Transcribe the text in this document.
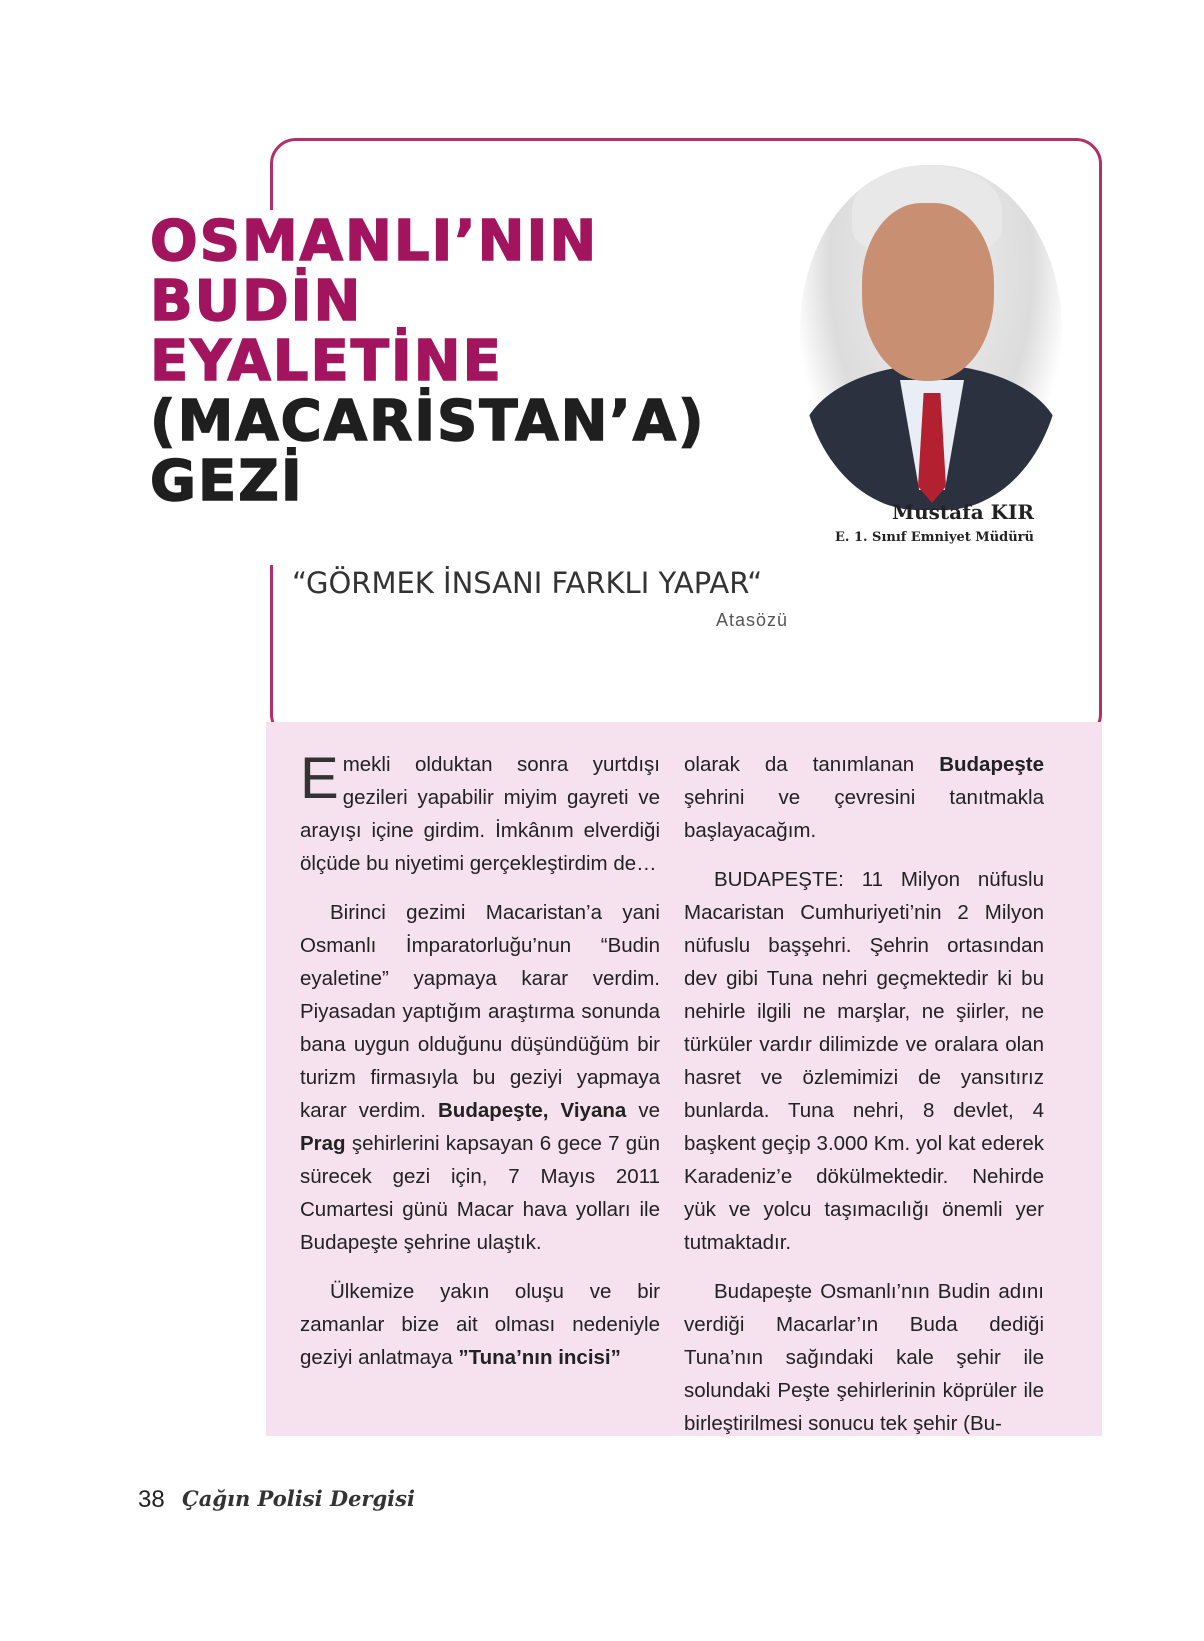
OSMANLI’NIN
BUDİN
EYALETİNE
(MACARİSTAN’A)
GEZİ	Mustafa KIR

E. 1. Sınıf Emniyet Müdürü

“GÖRMEK İNSANI FARKLI YAPAR“

Atasözü

Emekli olduktan sonra yurtdışı gezileri yapabilir miyim gayreti ve arayışı içine girdim. İmkânım elverdiği ölçüde bu niyetimi gerçekleştirdim de…

Birinci gezimi Macaristan’a yani Osmanlı İmparatorluğu’nun “Budin eyaletine” yapmaya karar verdim. Piyasadan yaptığım araştırma sonunda bana uygun olduğunu düşündüğüm bir turizm firmasıyla bu geziyi yapmaya karar verdim. Budapeşte, Viyana ve Prag şehirlerini kapsayan 6 gece 7 gün sürecek gezi için, 7 Mayıs 2011 Cumartesi günü Macar hava yolları ile Budapeşte şehrine ulaştık.

Ülkemize yakın oluşu ve bir zamanlar bize ait olması nedeniyle geziyi anlatmaya ”Tuna’nın incisi”

olarak da tanımlanan Budapeşte şehrini ve çevresini tanıtmakla başlayacağım.

BUDAPEŞTE: 11 Milyon nüfuslu Macaristan Cumhuriyeti’nin 2 Milyon nüfuslu başşehri. Şehrin ortasından dev gibi Tuna nehri geçmektedir ki bu nehirle ilgili ne marşlar, ne şiirler, ne türküler vardır dilimizde ve oralara olan hasret ve özlemimizi de yansıtırız bunlarda. Tuna nehri, 8 devlet, 4 başkent geçip 3.000 Km. yol kat ederek Karadeniz’e dökülmektedir. Nehirde yük ve yolcu taşımacılığı önemli yer tutmaktadır.

Budapeşte Osmanlı’nın Budin adını verdiği Macarlar’ın Buda dediği Tuna’nın sağındaki kale şehir ile solundaki Peşte şehirlerinin köprüler ile birleştirilmesi sonucu tek şehir (Bu-

38 Çağın Polisi Dergisi
